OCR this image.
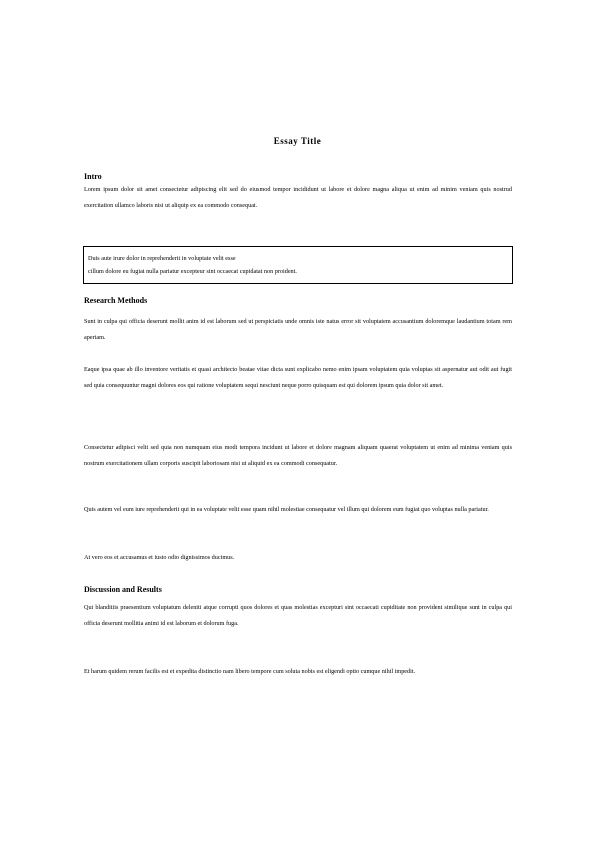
Essay Title
Intro
Lorem ipsum dolor sit amet consectetur adipiscing elit sed do eiusmod tempor incididunt ut labore et dolore magna aliqua ut enim ad minim veniam quis nostrud exercitation ullamco laboris nisi ut aliquip ex ea commodo consequat.

Duis aute irure dolor in reprehenderit in voluptate velit esse

cillum dolore eu fugiat nulla pariatur excepteur sint occaecat cupidatat non proident.

Research Methods
Sunt in culpa qui officia deserunt mollit anim id est laborum sed ut perspiciatis unde omnis iste natus error sit voluptatem accusantium doloremque laudantium totam rem aperiam.
Eaque ipsa quae ab illo inventore veritatis et quasi architecto beatae vitae dicta sunt explicabo nemo enim ipsam voluptatem quia voluptas sit aspernatur aut odit aut fugit sed quia consequuntur magni dolores eos qui ratione voluptatem sequi nesciunt neque porro quisquam est qui dolorem ipsum quia dolor sit amet.
Consectetur adipisci velit sed quia non numquam eius modi tempora incidunt ut labore et dolore magnam aliquam quaerat voluptatem ut enim ad minima veniam quis nostrum exercitationem ullam corporis suscipit laboriosam nisi ut aliquid ex ea commodi consequatur.
Quis autem vel eum iure reprehenderit qui in ea voluptate velit esse quam nihil molestiae consequatur vel illum qui dolorem eum fugiat quo voluptas nulla pariatur.
At vero eos et accusamus et iusto odio dignissimos ducimus.
Discussion and Results
Qui blanditiis praesentium voluptatum deleniti atque corrupti quos dolores et quas molestias excepturi sint occaecati cupiditate non provident similique sunt in culpa qui officia deserunt mollitia animi id est laborum et dolorum fuga.
Et harum quidem rerum facilis est et expedita distinctio nam libero tempore cum soluta nobis est eligendi optio cumque nihil impedit.
